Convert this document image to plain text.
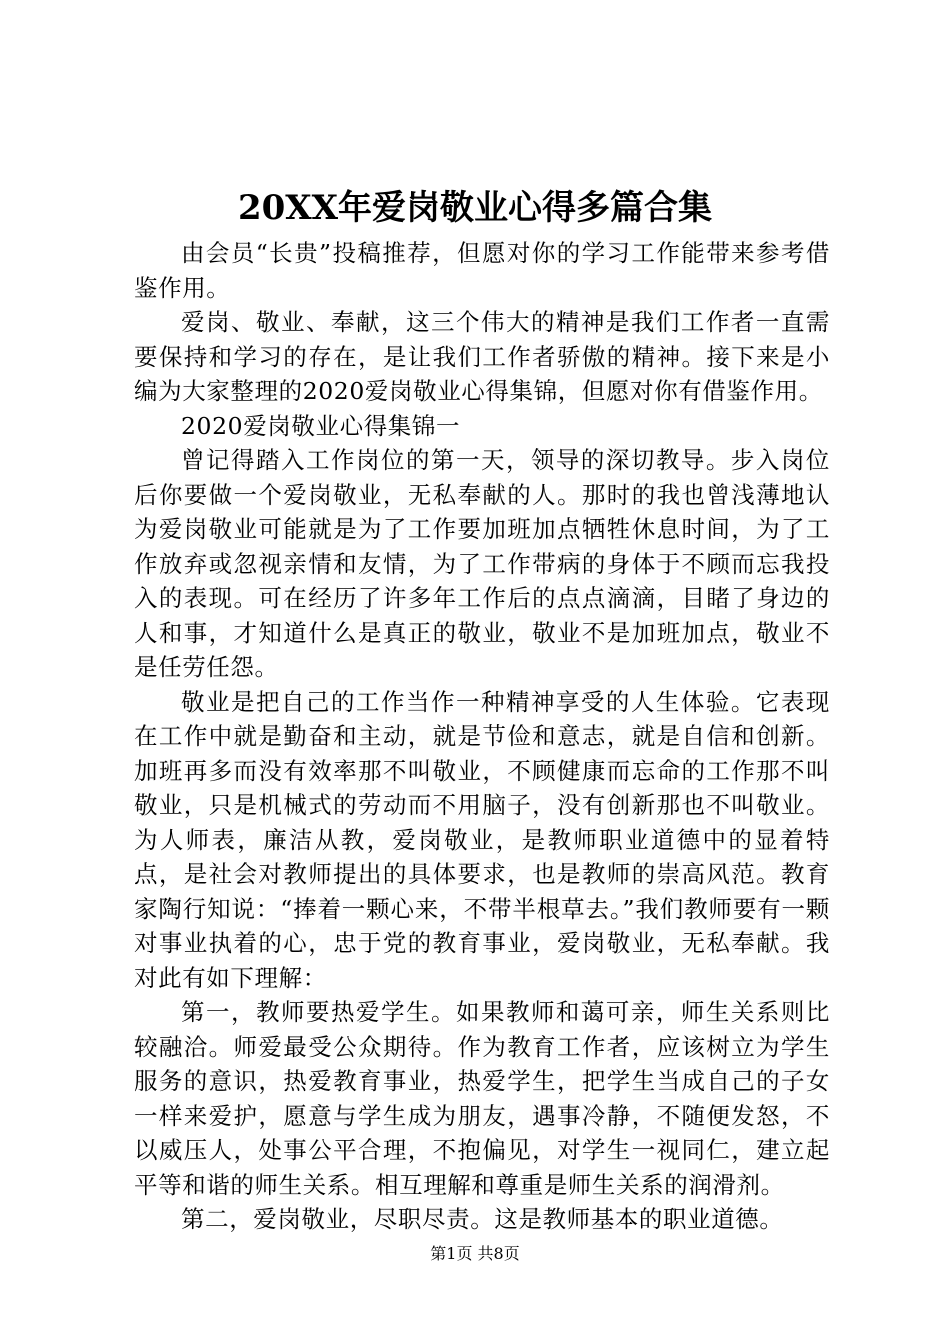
20XX年爱岗敬业心得多篇合集

由会员“长贵”投稿推荐，但愿对你的学习工作能带来参考借鉴作用。

爱岗、敬业、奉献，这三个伟大的精神是我们工作者一直需要保持和学习的存在，是让我们工作者骄傲的精神。接下来是小编为大家整理的2020爱岗敬业心得集锦，但愿对你有借鉴作用。

2020爱岗敬业心得集锦一

曾记得踏入工作岗位的第一天，领导的深切教导。步入岗位后你要做一个爱岗敬业，无私奉献的人。那时的我也曾浅薄地认为爱岗敬业可能就是为了工作要加班加点牺牲休息时间，为了工作放弃或忽视亲情和友情，为了工作带病的身体于不顾而忘我投入的表现。可在经历了许多年工作后的点点滴滴，目睹了身边的人和事，才知道什么是真正的敬业，敬业不是加班加点，敬业不是任劳任怨。

敬业是把自己的工作当作一种精神享受的人生体验。它表现在工作中就是勤奋和主动，就是节俭和意志，就是自信和创新。加班再多而没有效率那不叫敬业，不顾健康而忘命的工作那不叫敬业，只是机械式的劳动而不用脑子，没有创新那也不叫敬业。为人师表，廉洁从教，爱岗敬业，是教师职业道德中的显着特点，是社会对教师提出的具体要求，也是教师的崇高风范。教育家陶行知说：“捧着一颗心来，不带半根草去。”我们教师要有一颗对事业执着的心，忠于党的教育事业，爱岗敬业，无私奉献。我对此有如下理解：

第一，教师要热爱学生。如果教师和蔼可亲，师生关系则比较融洽。师爱最受公众期待。作为教育工作者，应该树立为学生服务的意识，热爱教育事业，热爱学生，把学生当成自己的子女一样来爱护，愿意与学生成为朋友，遇事冷静，不随便发怒，不以威压人，处事公平合理，不抱偏见，对学生一视同仁，建立起平等和谐的师生关系。相互理解和尊重是师生关系的润滑剂。

第二，爱岗敬业，尽职尽责。这是教师基本的职业道德。

第1页 共8页
